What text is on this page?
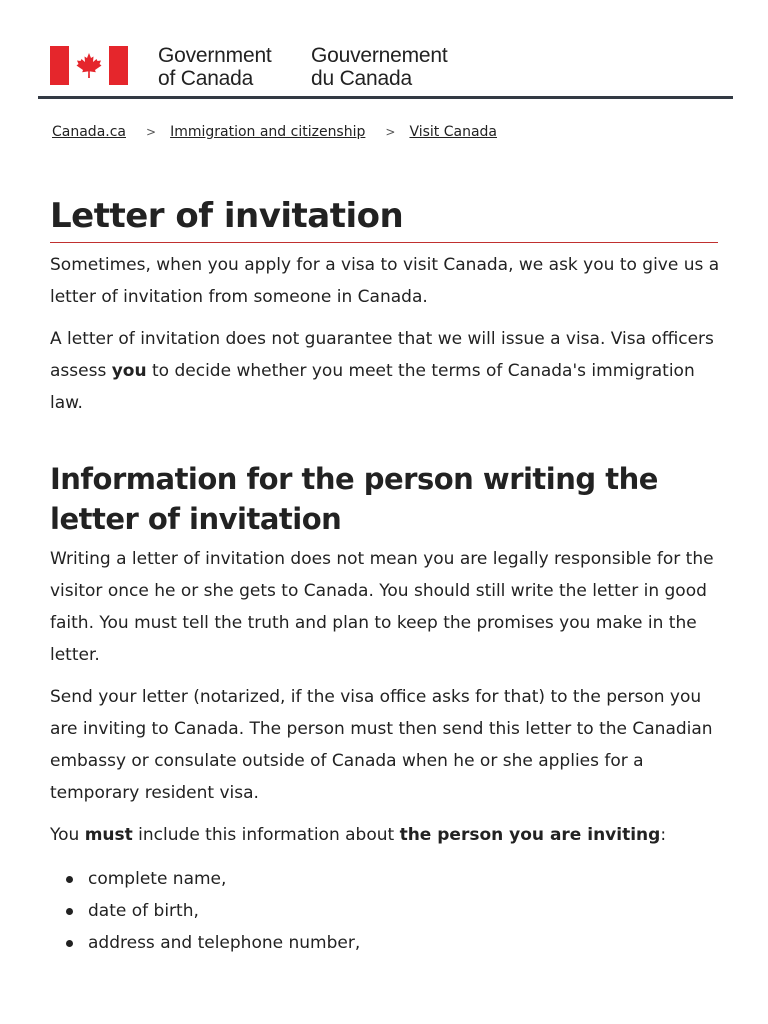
Government
of Canada
Gouvernement
du Canada
Canada.ca > Immigration and citizenship > Visit Canada
Letter of invitation

Sometimes, when you apply for a visa to visit Canada, we ask you to give us a letter of invitation from someone in Canada.

A letter of invitation does not guarantee that we will issue a visa. Visa officers assess you to decide whether you meet the terms of Canada's immigration law.

Information for the person writing the letter of invitation

Writing a letter of invitation does not mean you are legally responsible for the visitor once he or she gets to Canada. You should still write the letter in good faith. You must tell the truth and plan to keep the promises you make in the letter.

Send your letter (notarized, if the visa office asks for that) to the person you are inviting to Canada. The person must then send this letter to the Canadian embassy or consulate outside of Canada when he or she applies for a temporary resident visa.

You must include this information about the person you are inviting:

complete name,
date of birth,
address and telephone number,
